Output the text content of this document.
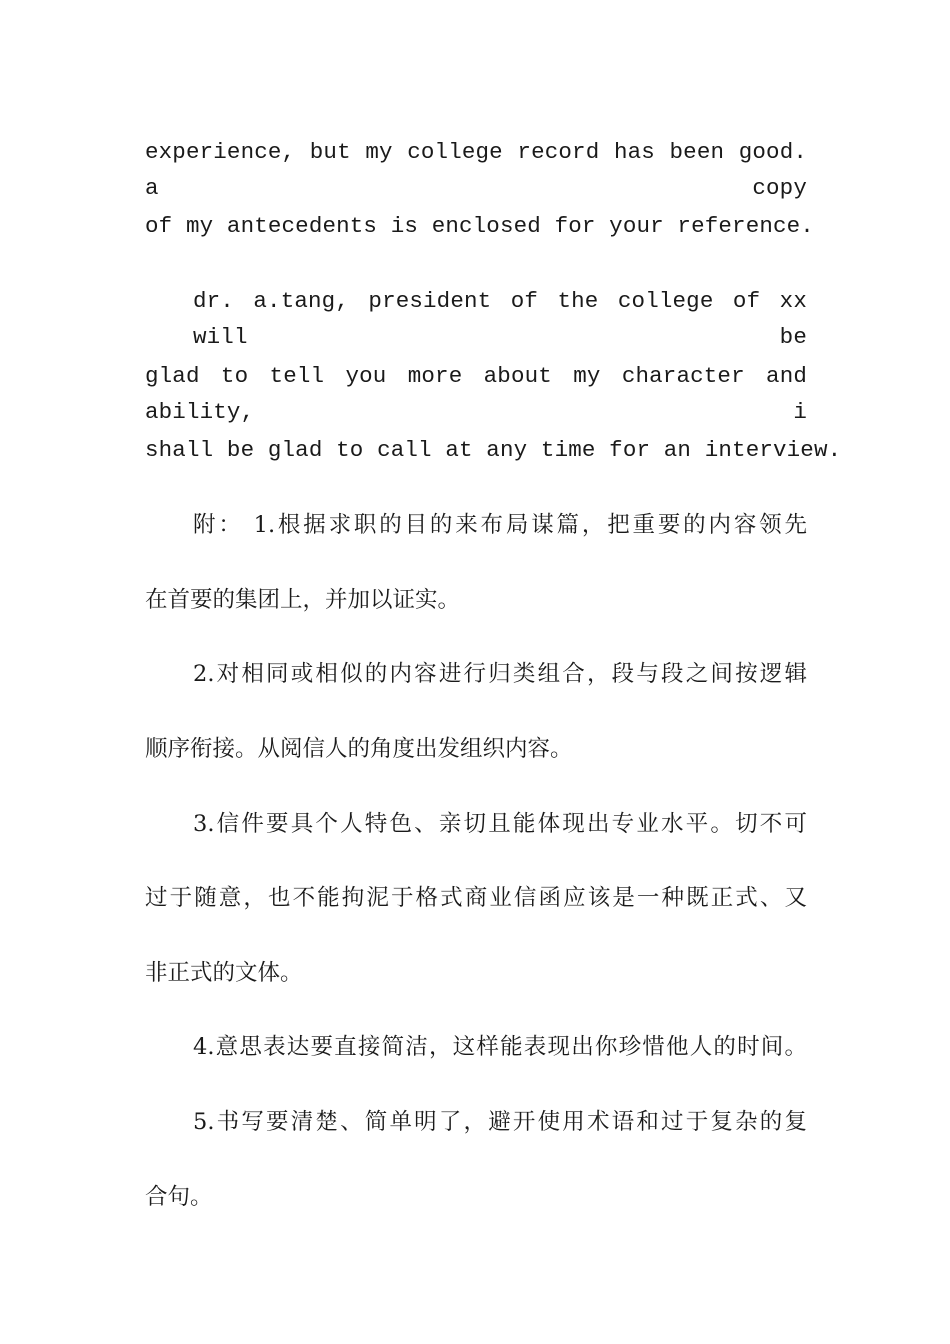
experience, but my college record has been good. a copy
of my antecedents is enclosed for your reference.
dr. a.tang, president of the college of xx will be
glad to tell you more about my character and ability, i
shall be glad to call at any time for an interview.
附： 1.根据求职的目的来布局谋篇，把重要的内容领先
在首要的集团上，并加以证实。
2.对相同或相似的内容进行归类组合，段与段之间按逻辑
顺序衔接。从阅信人的角度出发组织内容。
3.信件要具个人特色、亲切且能体现出专业水平。切不可
过于随意，也不能拘泥于格式商业信函应该是一种既正式、又
非正式的文体。
4.意思表达要直接简洁，这样能表现出你珍惜他人的时间。
5.书写要清楚、简单明了，避开使用术语和过于复杂的复
合句。
